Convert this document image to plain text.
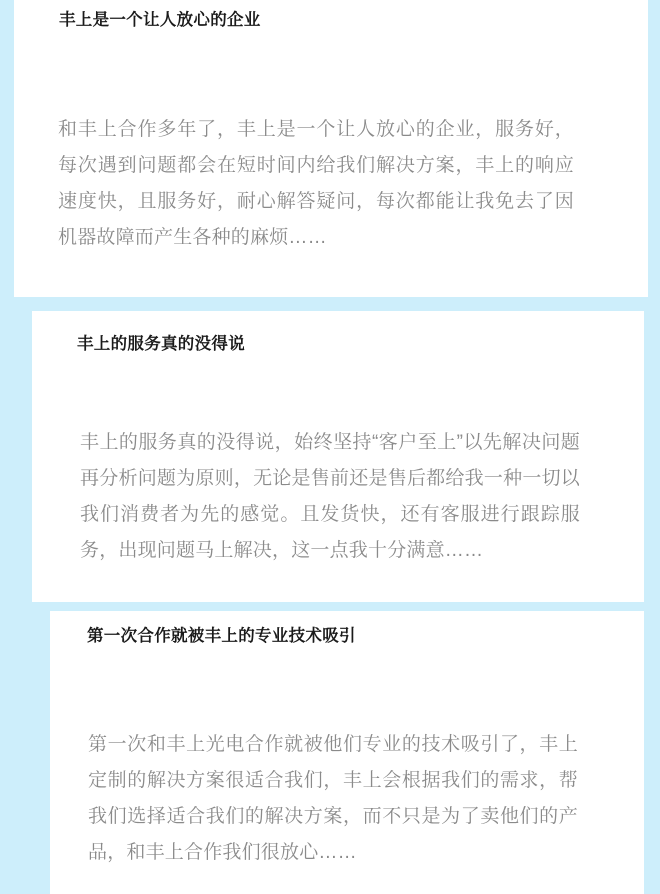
丰上是一个让人放心的企业

和丰上合作多年了，丰上是一个让人放心的企业，服务好，每次遇到问题都会在短时间内给我们解决方案，丰上的响应速度快，且服务好，耐心解答疑问，每次都能让我免去了因机器故障而产生各种的麻烦……

丰上的服务真的没得说

丰上的服务真的没得说，始终坚持“客户至上”以先解决问题再分析问题为原则，无论是售前还是售后都给我一种一切以我们消费者为先的感觉。且发货快，还有客服进行跟踪服务，出现问题马上解决，这一点我十分满意……

第一次合作就被丰上的专业技术吸引

第一次和丰上光电合作就被他们专业的技术吸引了，丰上定制的解决方案很适合我们，丰上会根据我们的需求，帮我们选择适合我们的解决方案，而不只是为了卖他们的产品，和丰上合作我们很放心……
